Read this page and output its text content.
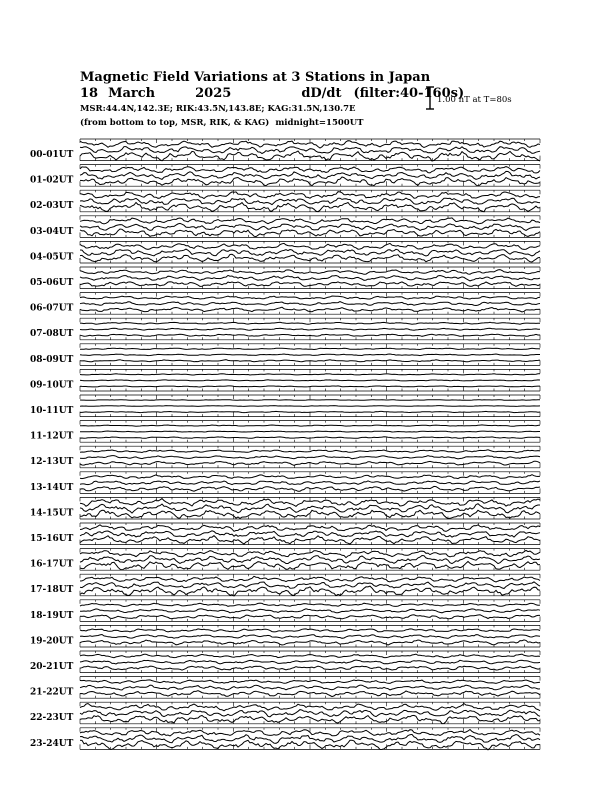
Magnetic Field Variations at 3 Stations in Japan
18 March	2025	dD/dt (filter:40-160s)
MSR:44.4N,142.3E; RIK:43.5N,143.8E; KAG:31.5N,130.7E
(from bottom to top, MSR, RIK, & KAG) midnight=1500UT
1.00 nT at T=80s
00-01UT
01-02UT
02-03UT
03-04UT
04-05UT
05-06UT
06-07UT
07-08UT
08-09UT
09-10UT
10-11UT
11-12UT
12-13UT
13-14UT
14-15UT
15-16UT
16-17UT
17-18UT
18-19UT
19-20UT
20-21UT
21-22UT
22-23UT
23-24UT
